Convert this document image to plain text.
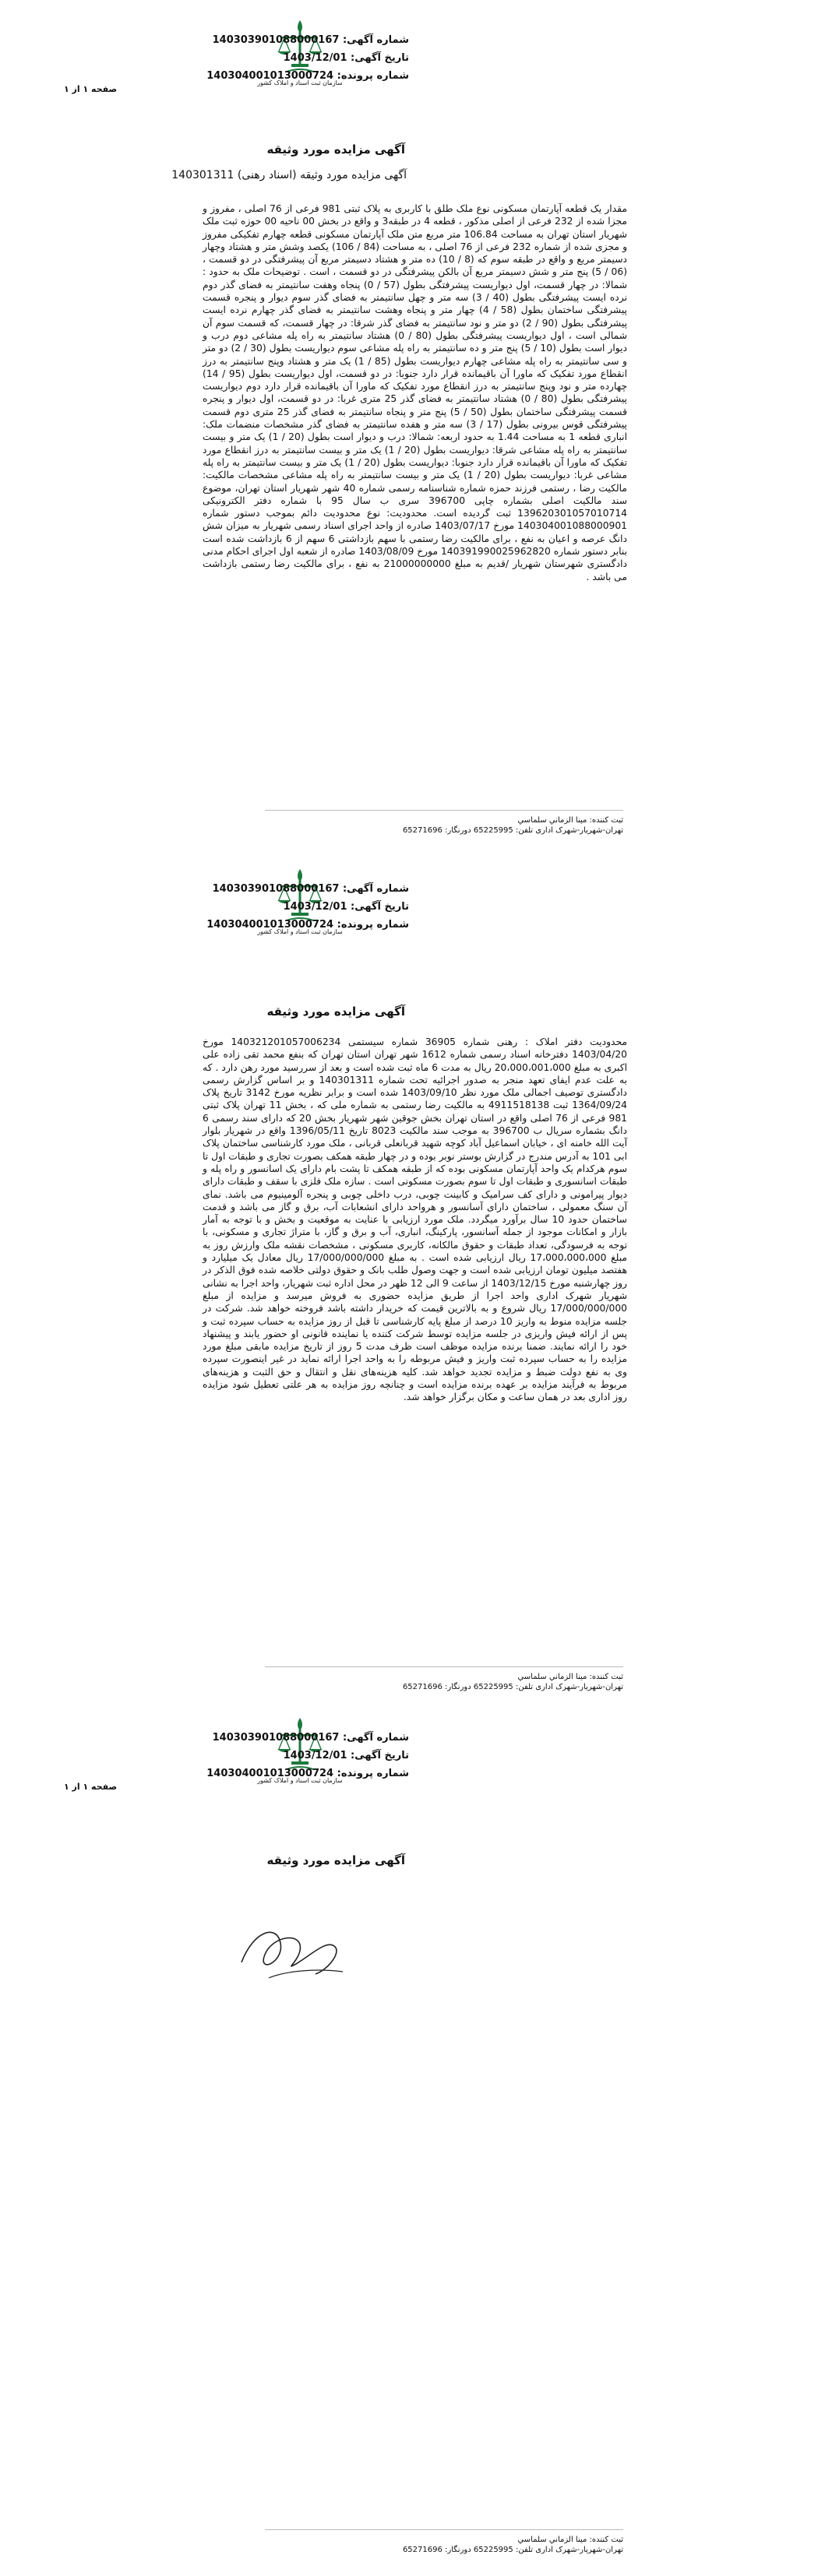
سازمان ثبت اسناد و املاک کشور
شماره آگهی: 140303901088000167
تاریخ آگهی: 1403/12/01
شماره پرونده: 140304001013000724
صفحه ۱ از ۱
آگهی مزایده مورد وثیقه
آگهی مزایده مورد وثیقه (اسناد رهنی) 140301311
مقدار یک قطعه آپارتمان مسکونی نوع ملک طلق با کاربری به پلاک ثبتی 981 فرعی از 76 اصلی ، مفروز و مجزا شده از 232 فرعی از اصلی مذکور ، قطعه 4 در طبقه3 و واقع در بخش 00 ناحیه 00 حوزه ثبت ملک شهریار استان تهران به مساحت 106.84 متر مربع متن ملک آپارتمان مسکونی قطعه چهارم تفکیکی مفروز و مجزی شده از شماره 232 فرعی از 76 اصلی ، به مساحت (84 / 106) یکصد وشش متر و هشتاد وچهار دسیمتر مربع و واقع در طبقه سوم که (8 / 10) ده متر و هشتاد دسیمتر مربع آن پیشرفتگی در دو قسمت ، (06 / 5) پنج متر و شش دسیمتر مربع آن بالکن پیشرفتگی در دو قسمت ، است . توضیحات ملک به حدود : شمالا: در چهار قسمت، اول دیواریست پیشرفتگی بطول (57 / 0) پنجاه وهفت سانتیمتر به فضای گذر دوم نرده ایست پیشرفتگی بطول (40 / 3) سه متر و چهل سانتیمتر به فضای گذر سوم دیوار و پنجره قسمت پیشرفتگی ساختمان بطول (58 / 4) چهار متر و پنجاه وهشت سانتیمتر به فضای گذر چهارم نرده ایست پیشرفتگی بطول (90 / 2) دو متر و نود سانتیمتر به فضای گذر شرقا: در چهار قسمت، که قسمت سوم آن شمالی است ، اول دیواریست پیشرفتگی بطول (80 / 0) هشتاد سانتیمتر به راه پله مشاعی دوم درب و دیوار است بطول (10 / 5) پنج متر و ده سانتیمتر به راه پله مشاعی سوم دیواریست بطول (30 / 2) دو متر و سی سانتیمتر به راه پله مشاعی چهارم دیواریست بطول (85 / 1) یک متر و هشتاد وپنج سانتیمتر به درز انقطاع مورد تفکیک که ماورا آن باقیمانده قرار دارد جنوبا: در دو قسمت، اول دیواریست بطول (95 / 14) چهارده متر و نود وپنج سانتیمتر به درز انقطاع مورد تفکیک که ماورا آن باقیمانده قرار دارد دوم دیواریست پیشرفتگی بطول (80 / 0) هشتاد سانتیمتر به فضای گذر 25 متری غربا: در دو قسمت، اول دیوار و پنجره قسمت پیشرفتگی ساختمان بطول (50 / 5) پنج متر و پنجاه سانتیمتر به فضای گذر 25 متری دوم قسمت پیشرفتگی قوس بیرونی بطول (17 / 3) سه متر و هفده سانتیمتر به فضای گذر مشخصات منضمات ملک: انباری قطعه 1 به مساحت 1.44 به حدود اربعه: شمالا: درب و دیوار است بطول (20 / 1) یک متر و بیست سانتیمتر به راه پله مشاعی شرقا: دیواریست بطول (20 / 1) یک متر و بیست سانتیمتر به درز انقطاع مورد تفکیک که ماورا آن باقیمانده قرار دارد جنوبا: دیواریست بطول (20 / 1) یک متر و بیست سانتیمتر به راه پله مشاعی غربا: دیواریست بطول (20 / 1) یک متر و بیست سانتیمتر به راه پله مشاعی مشخصات مالکیت: مالکیت رضا ، رستمی فرزند حمزه شماره شناسنامه رسمی شماره 40 شهر شهریار استان تهران، موضوع سند مالکیت اصلی بشماره چاپی 396700 سری ب سال 95 با شماره دفتر الکترونیکی 139620301057010714 ثبت گردیده است. محدودیت: نوع محدودیت دائم بموجب دستور شماره 140304001088000901 مورخ 1403/07/17 صادره از واحد اجرای اسناد رسمی شهریار به میزان شش دانگ عرصه و اعیان به نفع ، برای مالکیت رضا رستمی با سهم بازداشتی 6 سهم از 6 بازداشت شده است بنابر دستور شماره 140391990025962820 مورخ 1403/08/09 صادره از شعبه اول اجرای احکام مدنی دادگستری شهرستان شهریار /قدیم به مبلغ 21000000000 به نفع ، برای مالکیت رضا رستمی بازداشت می باشد .
ثبت کننده: مینا الزماني سلماسي
تهران-شهریار-شهرک اداری تلفن: 65225995 دورنگار: 65271696
سازمان ثبت اسناد و املاک کشور
شماره آگهی: 140303901088000167
تاریخ آگهی: 1403/12/01
شماره پرونده: 140304001013000724
آگهی مزایده مورد وثیقه
محدودیت دفتر املاک : رهنی شماره 36905 شماره سیستمی 140321201057006234 مورخ 1403/04/20 دفترخانه اسناد رسمی شماره 1612 شهر تهران استان تهران که بنفع محمد تقی زاده علی اکبری به مبلغ 20،000،001،000 ریال به مدت 6 ماه ثبت شده است و بعد از سررسید مورد رهن دارد . که به علت عدم ایفای تعهد منجر به صدور اجرائیه تحت شماره 140301311 و بر اساس گزارش رسمی دادگستری توصیف اجمالی ملک مورد نظر 1403/09/10 شده است و برابر نظریه مورخ 3142 تاریخ پلاک 1364/09/24 ثبت 4911518138 به مالکیت رضا رستمی به شماره ملی که ، بخش 11 تهران پلاک ثبتی 981 فرعی از 76 اصلی واقع در استان تهران بخش جوقین شهر شهریار بخش 20 که دارای سند رسمی 6 دانگ بشماره سریال ب 396700 به موجب سند مالکیت 8023 تاریخ 1396/05/11 واقع در شهریار بلوار آیت الله خامنه ای ، خیابان اسماعیل آباد کوچه شهید قربانعلی قربانی ، ملک مورد کارشناسی ساختمان پلاک ابی 101 به آدرس مندرج در گزارش بوستر نوبر بوده و در چهار طبقه همکف بصورت تجاری و طبقات اول تا سوم هرکدام یک واحد آپارتمان مسکونی بوده که از طبقه همکف تا پشت بام دارای یک اسانسور و راه پله و طبقات اسانسوری و طبقات اول تا سوم بصورت مسکونی است . سازه ملک فلزی با سقف و طبقات دارای دیوار پیرامونی و دارای کف سرامیک و کابینت چوبی، درب داخلی چوبی و پنجره آلومینیوم می باشد. نمای آن سنگ معمولی ، ساختمان دارای آسانسور و هرواحد دارای انشعابات آب، برق و گاز می باشد و قدمت ساختمان حدود 10 سال برآورد میگردد. ملک مورد ارزیابی با عنایت به موقعیت و بخش و با توجه به آمار بازار و امکانات موجود از جمله آسانسور، پارکینگ، انباری، آب و برق و گاز، با متراژ تجاری و مسکونی، با توجه به فرسودگی، تعداد طبقات و حقوق مالکانه، کاربری مسکونی ، مشخصات نقشه ملک وارزش روز به مبلغ 17،000،000،000 ریال ارزیابی شده است . به مبلغ 17/000/000/000 ریال معادل یک میلیارد و هفتصد میلیون تومان ارزیابی شده است و جهت وصول طلب بانک و حقوق دولتی خلاصه شده فوق الذکر در روز چهارشنبه مورخ 1403/12/15 از ساعت 9 الی 12 ظهر در محل اداره ثبت شهریار، واحد اجرا به نشانی شهریار شهرک اداری واحد اجرا از طریق مزایده حضوری به فروش میرسد و مزایده از مبلغ 17/000/000/000 ریال شروع و به بالاترین قیمت که خریدار داشته باشد فروخته خواهد شد. شرکت در جلسه مزایده منوط به واریز 10 درصد از مبلغ پایه کارشناسی تا قبل از روز مزایده به حساب سپرده ثبت و پس از ارائه فیش واریزی در جلسه مزایده توسط شرکت کننده یا نماینده قانونی او حضور یابند و پیشنهاد خود را ارائه نمایند. ضمنا برنده مزایده موظف است ظرف مدت 5 روز از تاریخ مزایده مابقی مبلغ مورد مزایده را به حساب سپرده ثبت واریز و فیش مربوطه را به واحد اجرا ارائه نماید در غیر اینصورت سپرده وی به نفع دولت ضبط و مزایده تجدید خواهد شد. کلیه هزینه‌های نقل و انتقال و حق الثبت و هزینه‌های مربوط به فرآیند مزایده بر عهده برنده مزایده است و چنانچه روز مزایده به هر علتی تعطیل شود مزایده روز اداری بعد در همان ساعت و مکان برگزار خواهد شد.
ثبت کننده: مینا الزماني سلماسي
تهران-شهریار-شهرک اداری تلفن: 65225995 دورنگار: 65271696
سازمان ثبت اسناد و املاک کشور
شماره آگهی: 140303901088000167
تاریخ آگهی: 1403/12/01
شماره پرونده: 140304001013000724
صفحه ۱ از ۱
آگهی مزایده مورد وثیقه
ثبت کننده: مینا الزماني سلماسي
تهران-شهریار-شهرک اداری تلفن: 65225995 دورنگار: 65271696
